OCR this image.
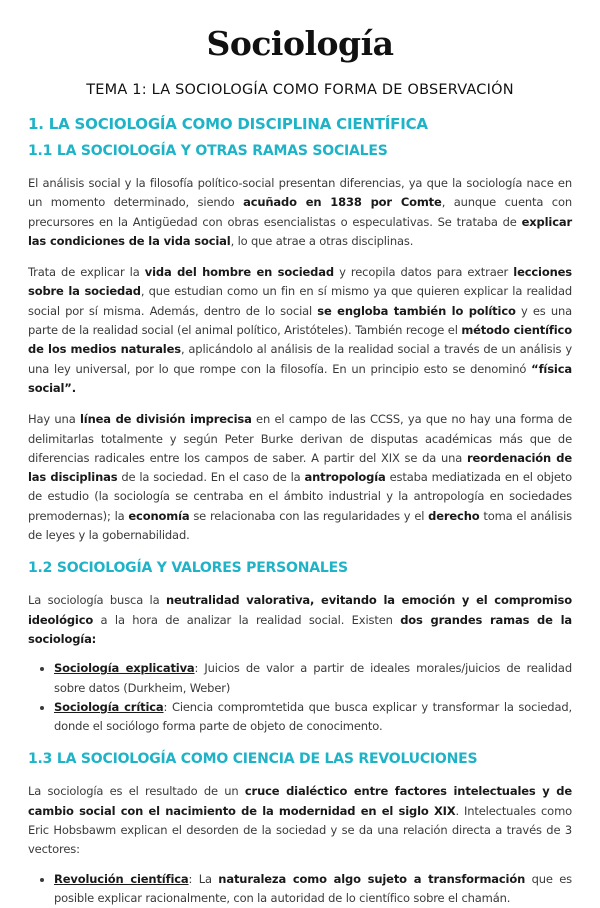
Sociología
TEMA 1: LA SOCIOLOGÍA COMO FORMA DE OBSERVACIÓN
1. LA SOCIOLOGÍA COMO DISCIPLINA CIENTÍFICA
1.1 LA SOCIOLOGÍA Y OTRAS RAMAS SOCIALES

El análisis social y la filosofía político-social presentan diferencias, ya que la sociología nace en un momento determinado, siendo acuñado en 1838 por Comte, aunque cuenta con precursores en la Antigüedad con obras esencialistas o especulativas. Se trataba de explicar las condiciones de la vida social, lo que atrae a otras disciplinas.

Trata de explicar la vida del hombre en sociedad y recopila datos para extraer lecciones sobre la sociedad, que estudian como un fin en sí mismo ya que quieren explicar la realidad social por sí misma. Además, dentro de lo social se engloba también lo político y es una parte de la realidad social (el animal político, Aristóteles). También recoge el método científico de los medios naturales, aplicándolo al análisis de la realidad social a través de un análisis y una ley universal, por lo que rompe con la filosofía. En un principio esto se denominó “física social”.

Hay una línea de división imprecisa en el campo de las CCSS, ya que no hay una forma de delimitarlas totalmente y según Peter Burke derivan de disputas académicas más que de diferencias radicales entre los campos de saber. A partir del XIX se da una reordenación de las disciplinas de la sociedad. En el caso de la antropología estaba mediatizada en el objeto de estudio (la sociología se centraba en el ámbito industrial y la antropología en sociedades premodernas); la economía se relacionaba con las regularidades y el derecho toma el análisis de leyes y la gobernabilidad.

1.2 SOCIOLOGÍA Y VALORES PERSONALES

La sociología busca la neutralidad valorativa, evitando la emoción y el compromiso ideológico a la hora de analizar la realidad social. Existen dos grandes ramas de la sociología:

• Sociología explicativa: Juicios de valor a partir de ideales morales/juicios de realidad sobre datos (Durkheim, Weber)
• Sociología crítica: Ciencia compromtetida que busca explicar y transformar la sociedad, donde el sociólogo forma parte de objeto de conocimento.
1.3 LA SOCIOLOGÍA COMO CIENCIA DE LAS REVOLUCIONES

La sociología es el resultado de un cruce dialéctico entre factores intelectuales y de cambio social con el nacimiento de la modernidad en el siglo XIX. Intelectuales como Eric Hobsbawm explican el desorden de la sociedad y se da una relación directa a través de 3 vectores:

• Revolución científica: La naturaleza como algo sujeto a transformación que es posible explicar racionalmente, con la autoridad de lo científico sobre el chamán.
